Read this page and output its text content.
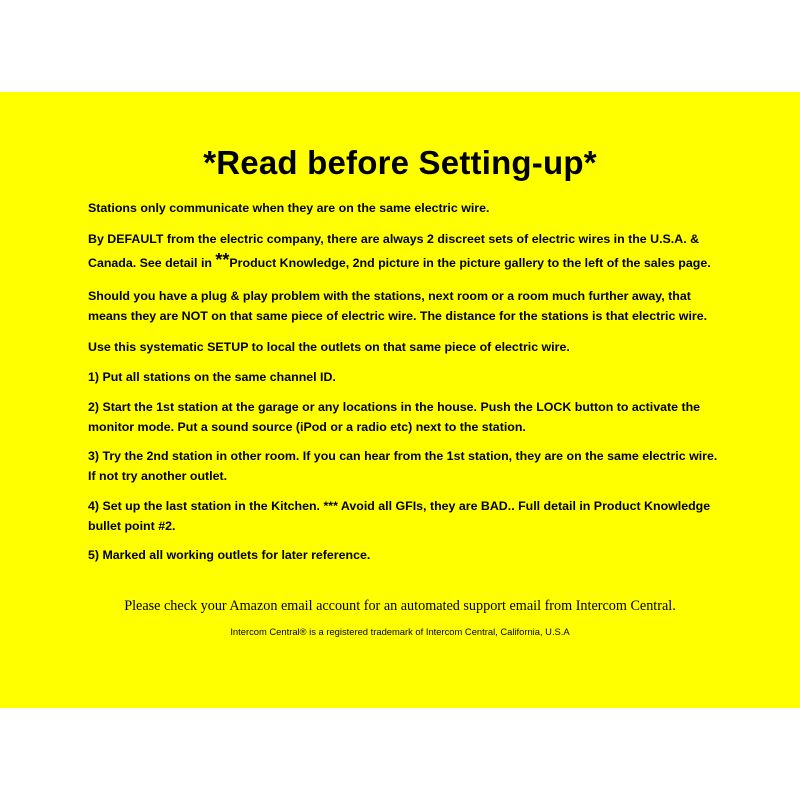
*Read before Setting-up*

Stations only communicate when they are on the same electric wire.

By DEFAULT from the electric company, there are always 2 discreet sets of electric wires in the U.S.A. &

Canada. See detail in **Product Knowledge, 2nd picture in the picture gallery to the left of the sales page.

Should you have a plug & play problem with the stations, next room or a room much further away, that

means they are NOT on that same piece of electric wire. The distance for the stations is that electric wire.

Use this systematic SETUP to local the outlets on that same piece of electric wire.

1) Put all stations on the same channel ID.

2) Start the 1st station at the garage or any locations in the house. Push the LOCK button to activate the

monitor mode. Put a sound source (iPod or a radio etc) next to the station.

3) Try the 2nd station in other room. If you can hear from the 1st station, they are on the same electric wire.

If not try another outlet.

4) Set up the last station in the Kitchen. *** Avoid all GFIs, they are BAD.. Full detail in Product Knowledge

bullet point #2.

5) Marked all working outlets for later reference.

Please check your Amazon email account for an automated support email from Intercom Central.
Intercom Central® is a registered trademark of Intercom Central, California, U.S.A
